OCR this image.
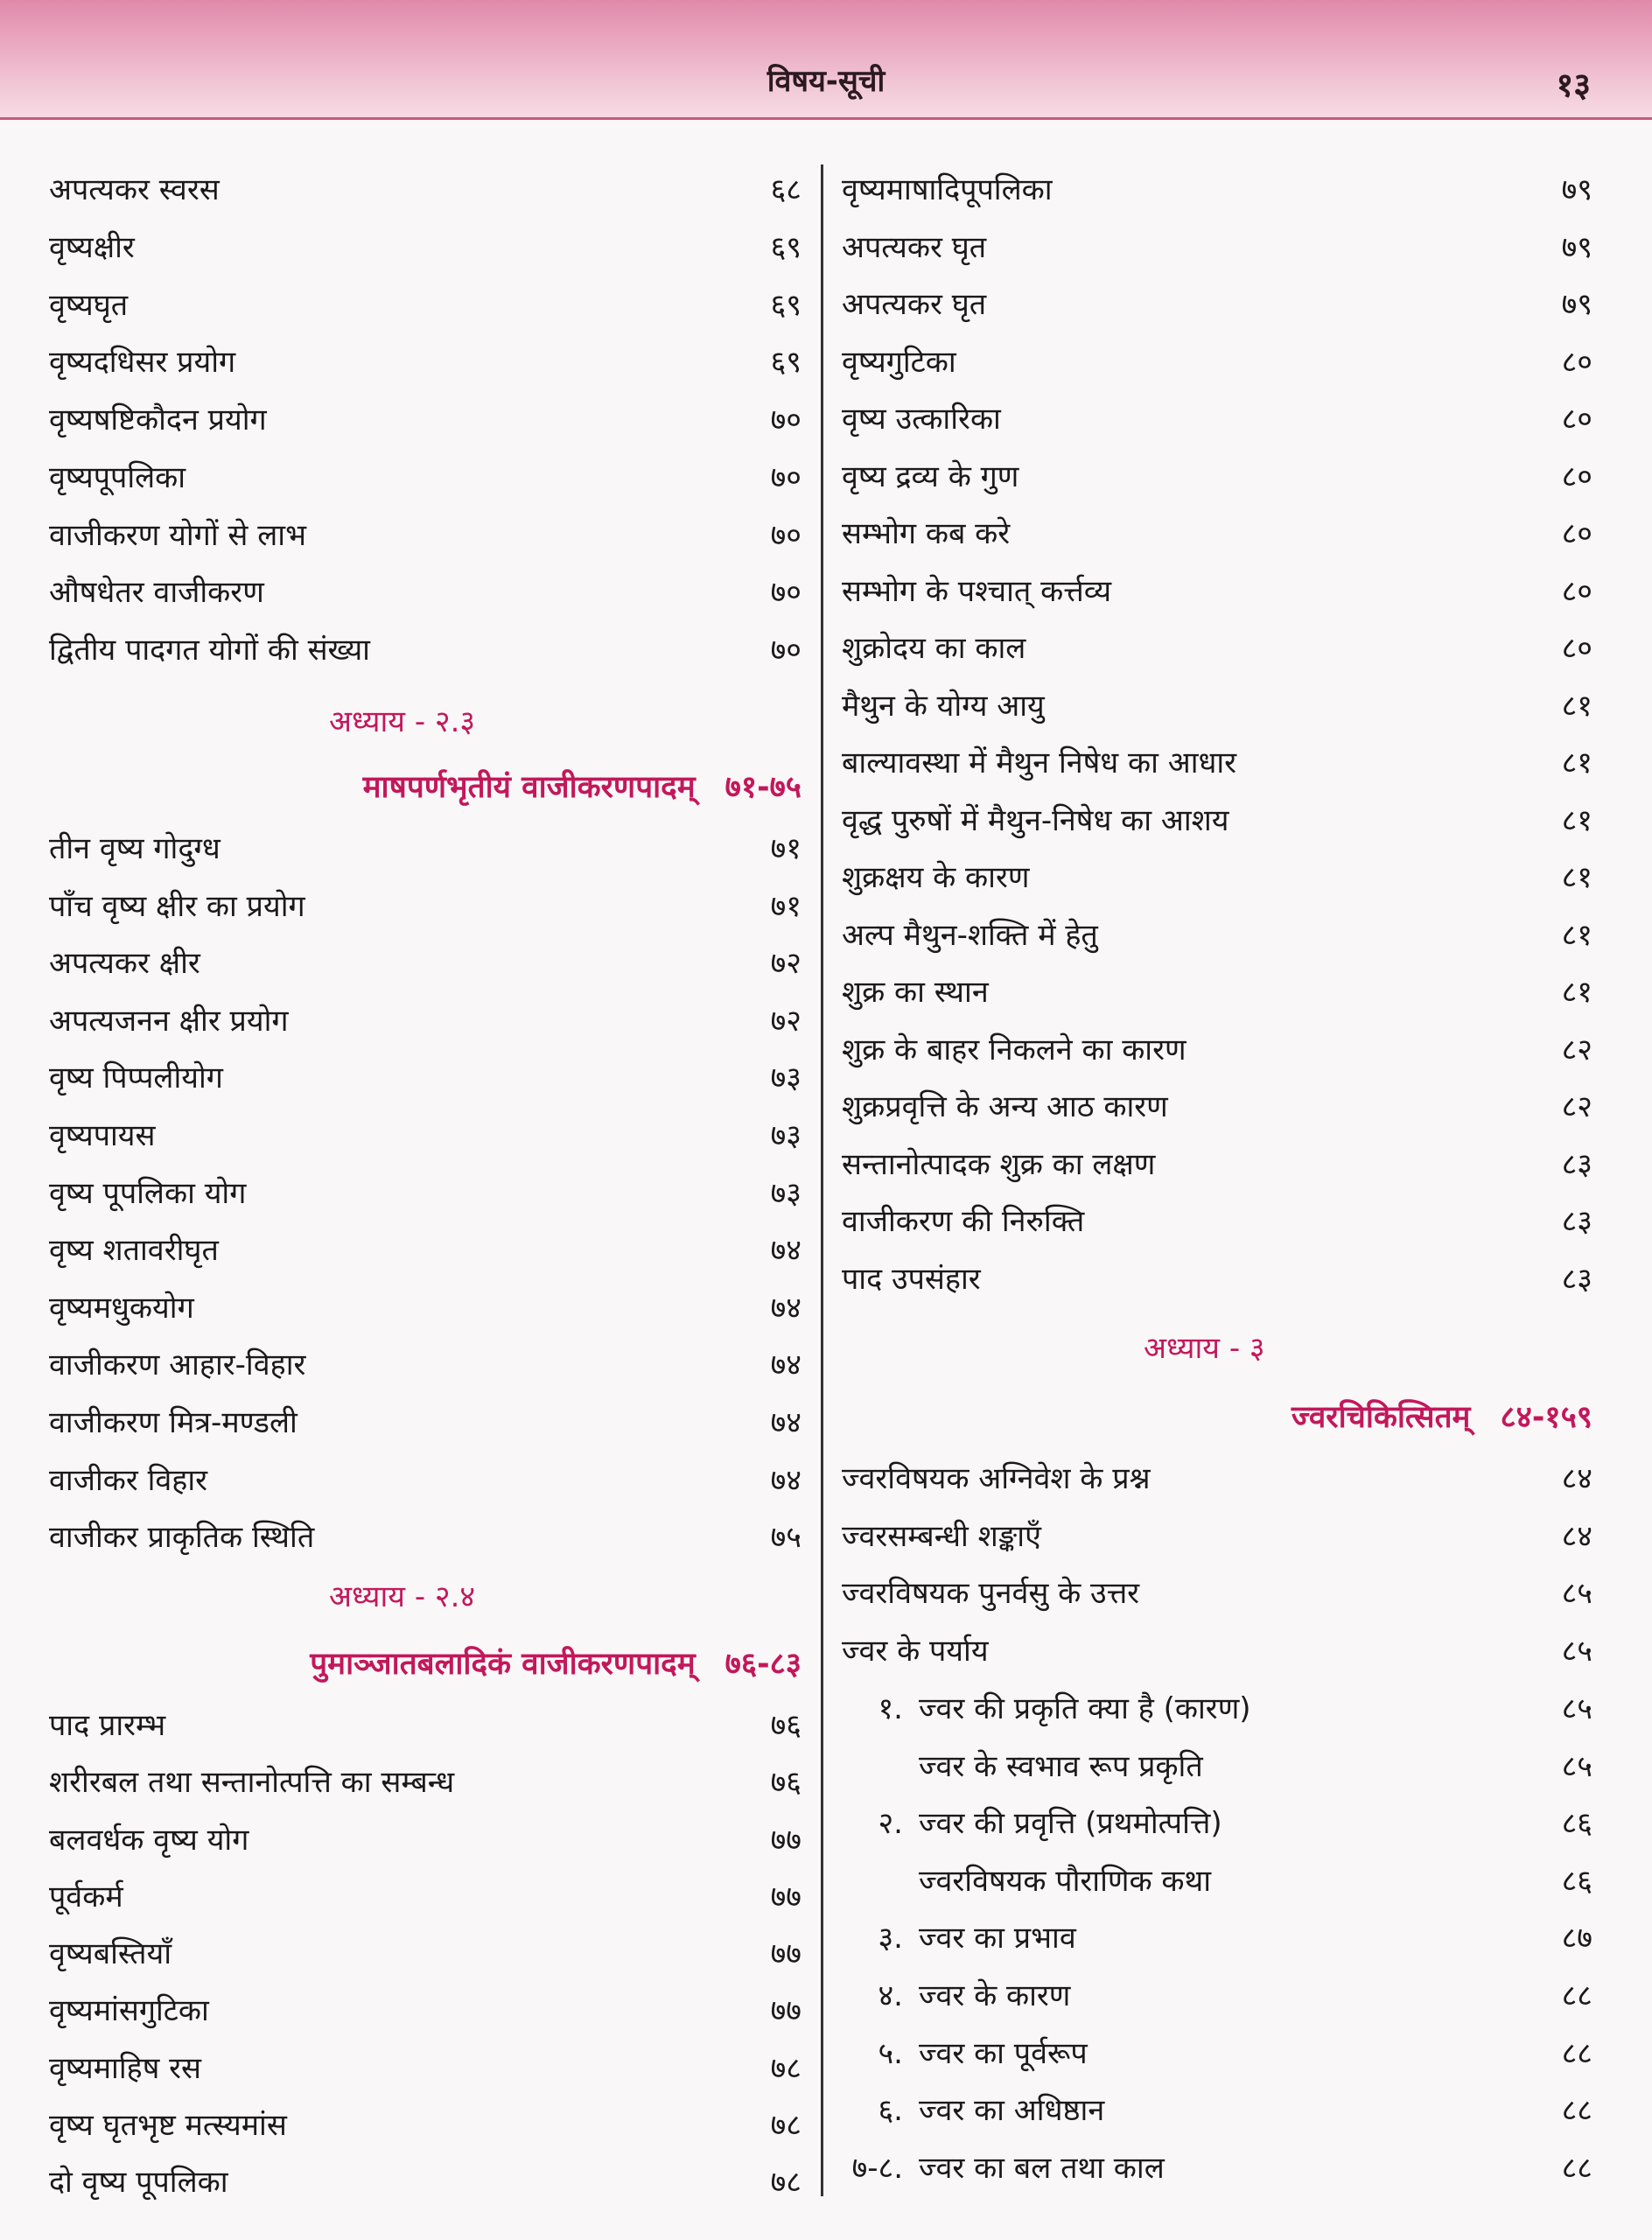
विषय-सूची	१३
अपत्यकर स्वरस	६८
वृष्यक्षीर	६९
वृष्यघृत	६९
वृष्यदधिसर प्रयोग	६९
वृष्यषष्टिकौदन प्रयोग	७०
वृष्यपूपलिका	७०
वाजीकरण योगों से लाभ	७०
औषधेतर वाजीकरण	७०
द्वितीय पादगत योगों की संख्या	७०
अध्याय - २.३
माषपर्णभृतीयं वाजीकरणपादम् ७१-७५
तीन वृष्य गोदुग्ध	७१
पाँच वृष्य क्षीर का प्रयोग	७१
अपत्यकर क्षीर	७२
अपत्यजनन क्षीर प्रयोग	७२
वृष्य पिप्पलीयोग	७३
वृष्यपायस	७३
वृष्य पूपलिका योग	७३
वृष्य शतावरीघृत	७४
वृष्यमधुकयोग	७४
वाजीकरण आहार-विहार	७४
वाजीकरण मित्र-मण्डली	७४
वाजीकर विहार	७४
वाजीकर प्राकृतिक स्थिति	७५
अध्याय - २.४
पुमाञ्जातबलादिकं वाजीकरणपादम् ७६-८३
पाद प्रारम्भ	७६
शरीरबल तथा सन्तानोत्पत्ति का सम्बन्ध	७६
बलवर्धक वृष्य योग	७७
पूर्वकर्म	७७
वृष्यबस्तियाँ	७७
वृष्यमांसगुटिका	७७
वृष्यमाहिष रस	७८
वृष्य घृतभृष्ट मत्स्यमांस	७८
दो वृष्य पूपलिका	७८
वृष्यमाषादिपूपलिका	७९
अपत्यकर घृत	७९
अपत्यकर घृत	७९
वृष्यगुटिका	८०
वृष्य उत्कारिका	८०
वृष्य द्रव्य के गुण	८०
सम्भोग कब करे	८०
सम्भोग के पश्चात् कर्त्तव्य	८०
शुक्रोदय का काल	८०
मैथुन के योग्य आयु	८१
बाल्यावस्था में मैथुन निषेध का आधार	८१
वृद्ध पुरुषों में मैथुन-निषेध का आशय	८१
शुक्रक्षय के कारण	८१
अल्प मैथुन-शक्ति में हेतु	८१
शुक्र का स्थान	८१
शुक्र के बाहर निकलने का कारण	८२
शुक्रप्रवृत्ति के अन्य आठ कारण	८२
सन्तानोत्पादक शुक्र का लक्षण	८३
वाजीकरण की निरुक्ति	८३
पाद उपसंहार	८३
अध्याय - ३
ज्वरचिकित्सितम् ८४-१५९
ज्वरविषयक अग्निवेश के प्रश्न	८४
ज्वरसम्बन्धी शङ्काएँ	८४
ज्वरविषयक पुनर्वसु के उत्तर	८५
ज्वर के पर्याय	८५
१. ज्वर की प्रकृति क्या है (कारण)	८५
ज्वर के स्वभाव रूप प्रकृति	८५
२. ज्वर की प्रवृत्ति (प्रथमोत्पत्ति)	८६
ज्वरविषयक पौराणिक कथा	८६
३. ज्वर का प्रभाव	८७
४. ज्वर के कारण	८८
५. ज्वर का पूर्वरूप	८८
६. ज्वर का अधिष्ठान	८८
७-८. ज्वर का बल तथा काल	८८
